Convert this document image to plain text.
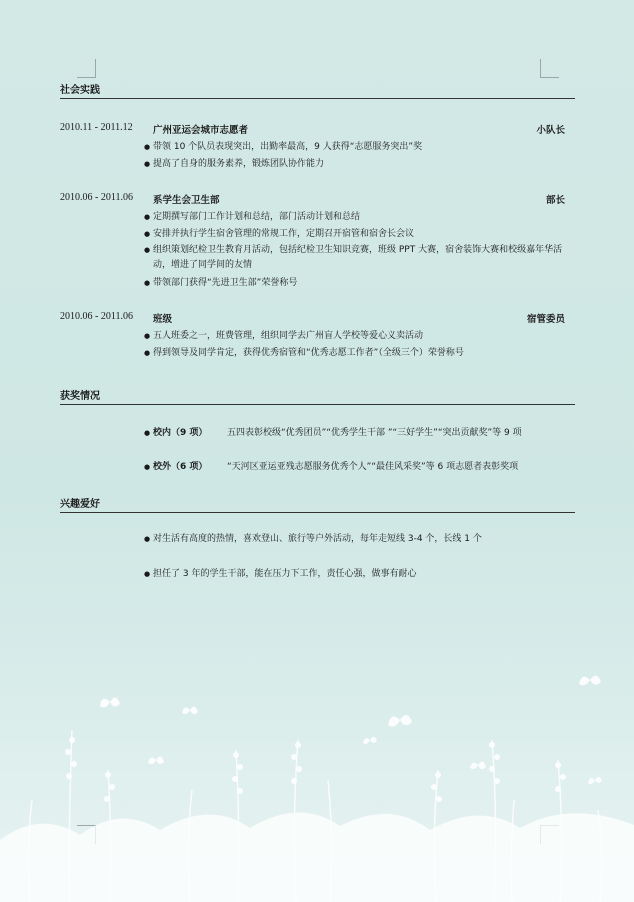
社会实践
2010.11 - 2011.12 广州亚运会城市志愿者	小队长
● 带领 10 个队员表现突出，出勤率最高，9 人获得“志愿服务突出”奖
● 提高了自身的服务素养，锻炼团队协作能力
2010.06 - 2011.06 系学生会卫生部	部长
● 定期撰写部门工作计划和总结，部门活动计划和总结
● 安排并执行学生宿舍管理的常规工作，定期召开宿管和宿舍长会议
● 组织策划纪检卫生教育月活动，包括纪检卫生知识竞赛，班级 PPT 大赛，宿舍装饰大赛和校级嘉年华活动，增进了同学间的友情
● 带领部门获得“先进卫生部”荣誉称号
2010.06 - 2011.06 班级	宿管委员
● 五人班委之一，班费管理，组织同学去广州盲人学校等爱心义卖活动
● 得到领导及同学肯定，获得优秀宿管和“优秀志愿工作者”（全级三个）荣誉称号
获奖情况
● 校内（9 项） 五四表彰校级“优秀团员”“优秀学生干部 ”“三好学生”“突出贡献奖”等 9 项
● 校外（6 项） “天河区亚运亚残志愿服务优秀个人”“最佳风采奖”等 6 项志愿者表彰奖项
兴趣爱好
● 对生活有高度的热情，喜欢登山、旅行等户外活动，每年走短线 3-4 个，长线 1 个
● 担任了 3 年的学生干部，能在压力下工作，责任心强，做事有耐心
